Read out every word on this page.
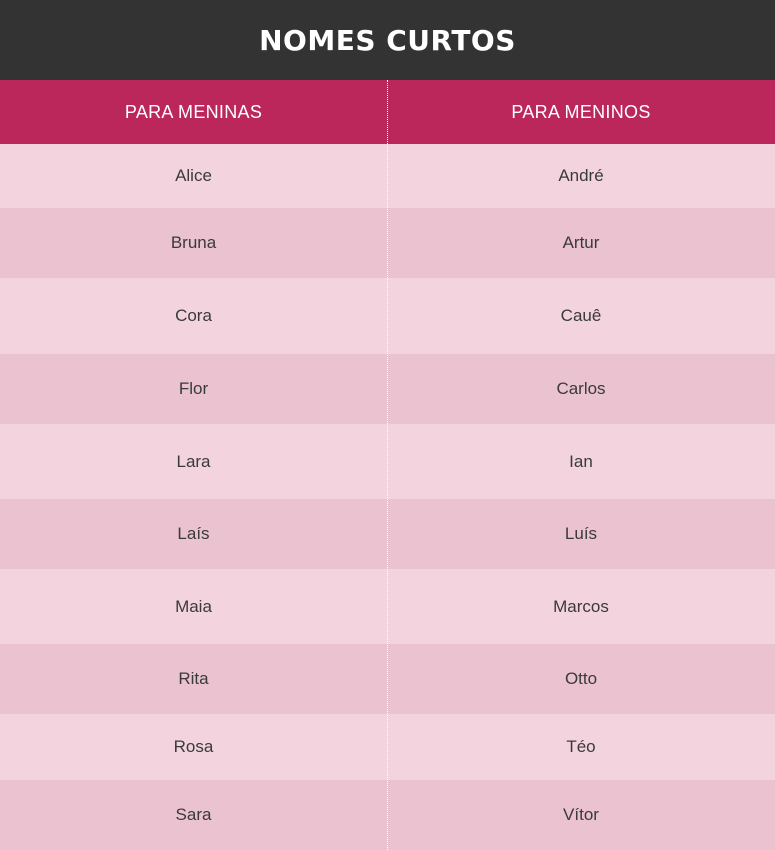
NOMES CURTOS
PARA MENINAS	PARA MENINOS
Alice	André
Bruna	Artur
Cora	Cauê
Flor	Carlos
Lara	Ian
Laís	Luís
Maia	Marcos
Rita	Otto
Rosa	Téo
Sara	Vítor
